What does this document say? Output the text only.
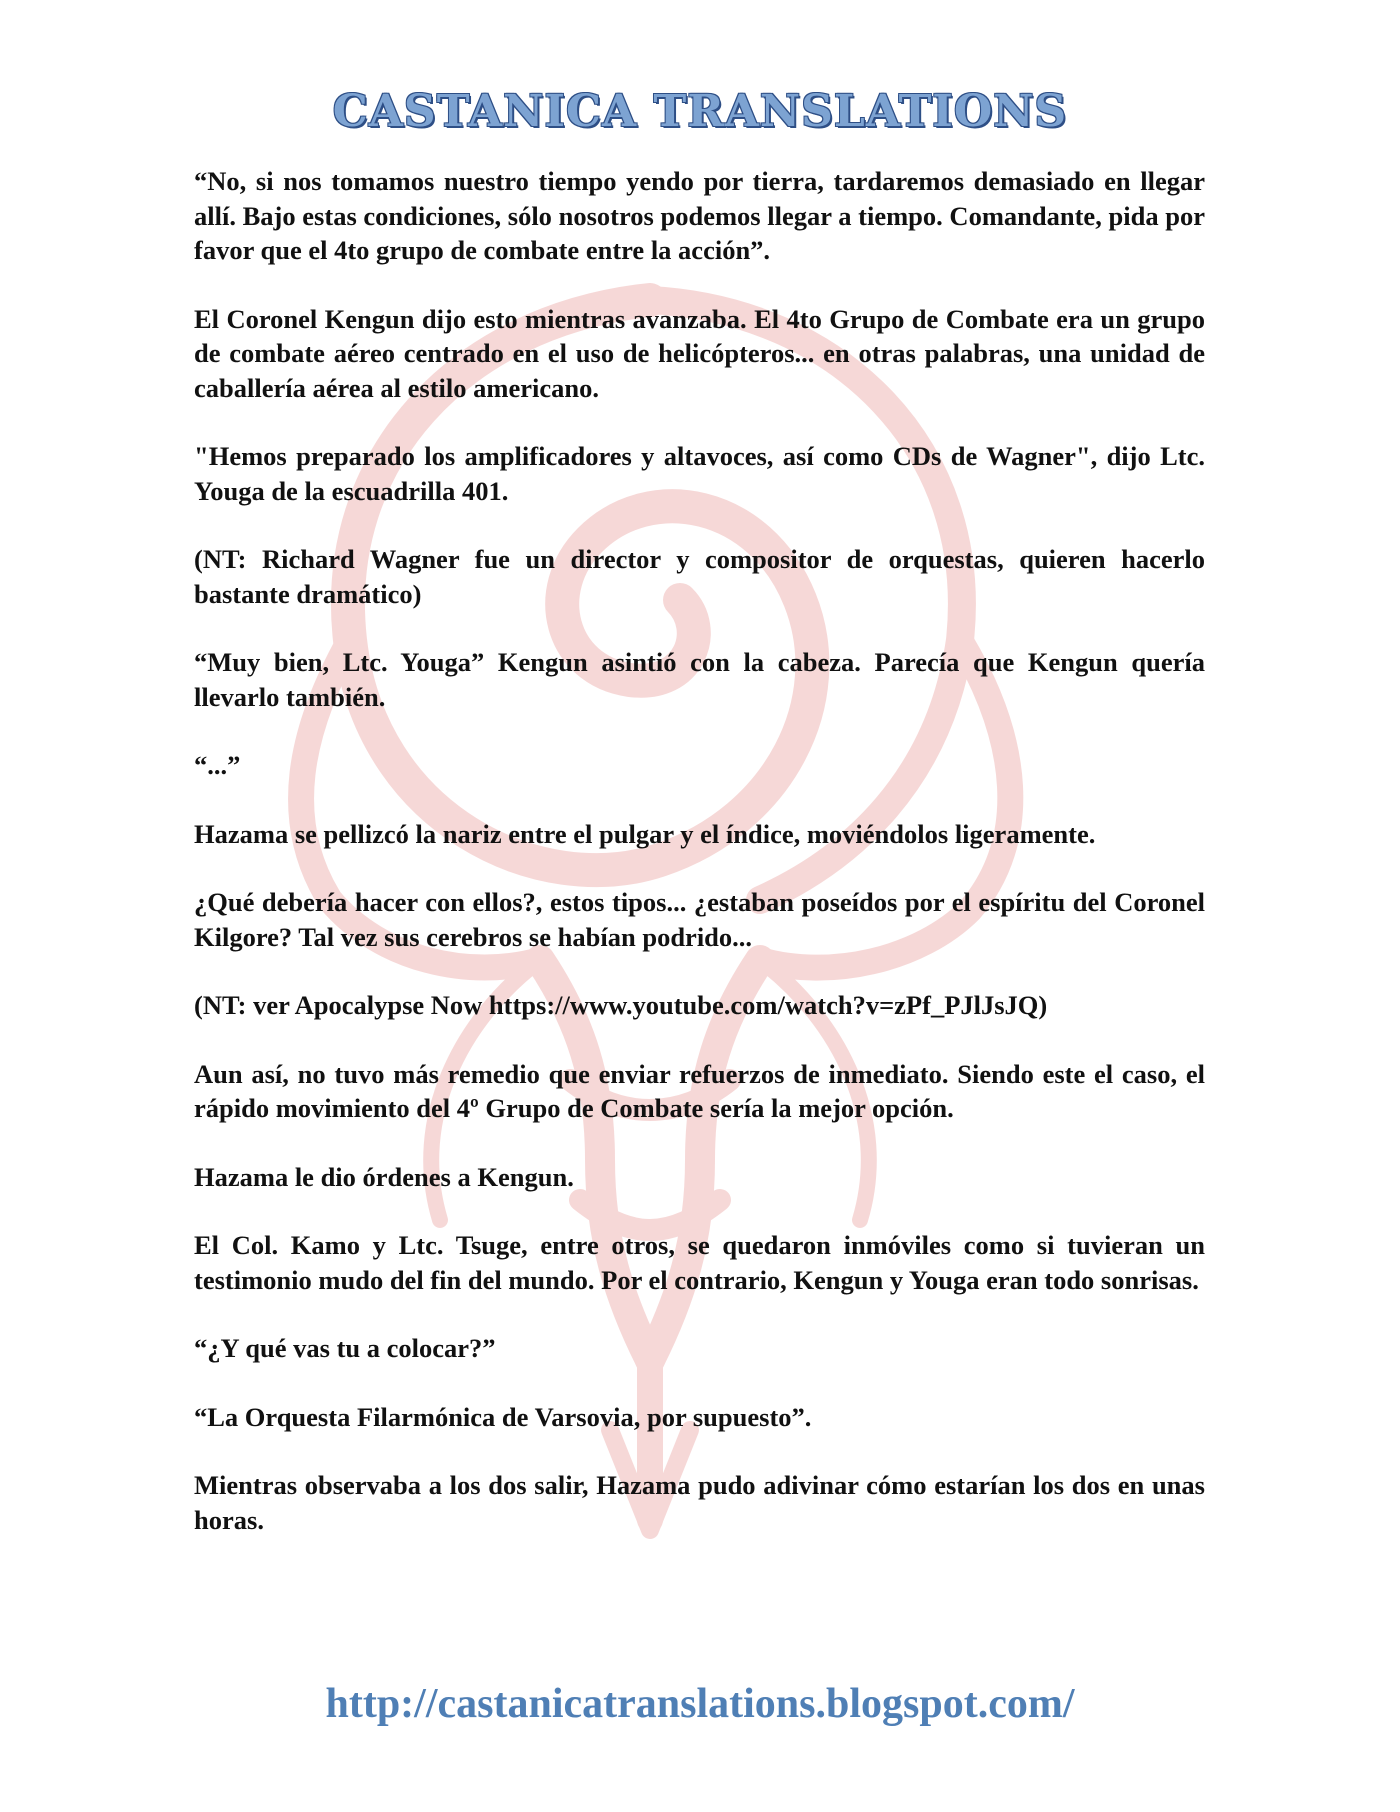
CASTANICA TRANSLATIONS

“No, si nos tomamos nuestro tiempo yendo por tierra, tardaremos demasiado en llegar allí. Bajo estas condiciones, sólo nosotros podemos llegar a tiempo. Comandante, pida por favor que el 4to grupo de combate entre la acción”.

El Coronel Kengun dijo esto mientras avanzaba. El 4to Grupo de Combate era un grupo de combate aéreo centrado en el uso de helicópteros... en otras palabras, una unidad de caballería aérea al estilo americano.

"Hemos preparado los amplificadores y altavoces, así como CDs de Wagner", dijo Ltc. Youga de la escuadrilla 401.

(NT: Richard Wagner fue un director y compositor de orquestas, quieren hacerlo bastante dramático)

“Muy bien, Ltc. Youga” Kengun asintió con la cabeza. Parecía que Kengun quería llevarlo también.

“...”

Hazama se pellizcó la nariz entre el pulgar y el índice, moviéndolos ligeramente.

¿Qué debería hacer con ellos?, estos tipos... ¿estaban poseídos por el espíritu del Coronel Kilgore? Tal vez sus cerebros se habían podrido...

(NT: ver Apocalypse Now https://www.youtube.com/watch?v=zPf_PJlJsJQ)

Aun así, no tuvo más remedio que enviar refuerzos de inmediato. Siendo este el caso, el rápido movimiento del 4º Grupo de Combate sería la mejor opción.

Hazama le dio órdenes a Kengun.

El Col. Kamo y Ltc. Tsuge, entre otros, se quedaron inmóviles como si tuvieran un testimonio mudo del fin del mundo. Por el contrario, Kengun y Youga eran todo sonrisas.

“¿Y qué vas tu a colocar?”

“La Orquesta Filarmónica de Varsovia, por supuesto”.

Mientras observaba a los dos salir, Hazama pudo adivinar cómo estarían los dos en unas horas.

http://castanicatranslations.blogspot.com/
